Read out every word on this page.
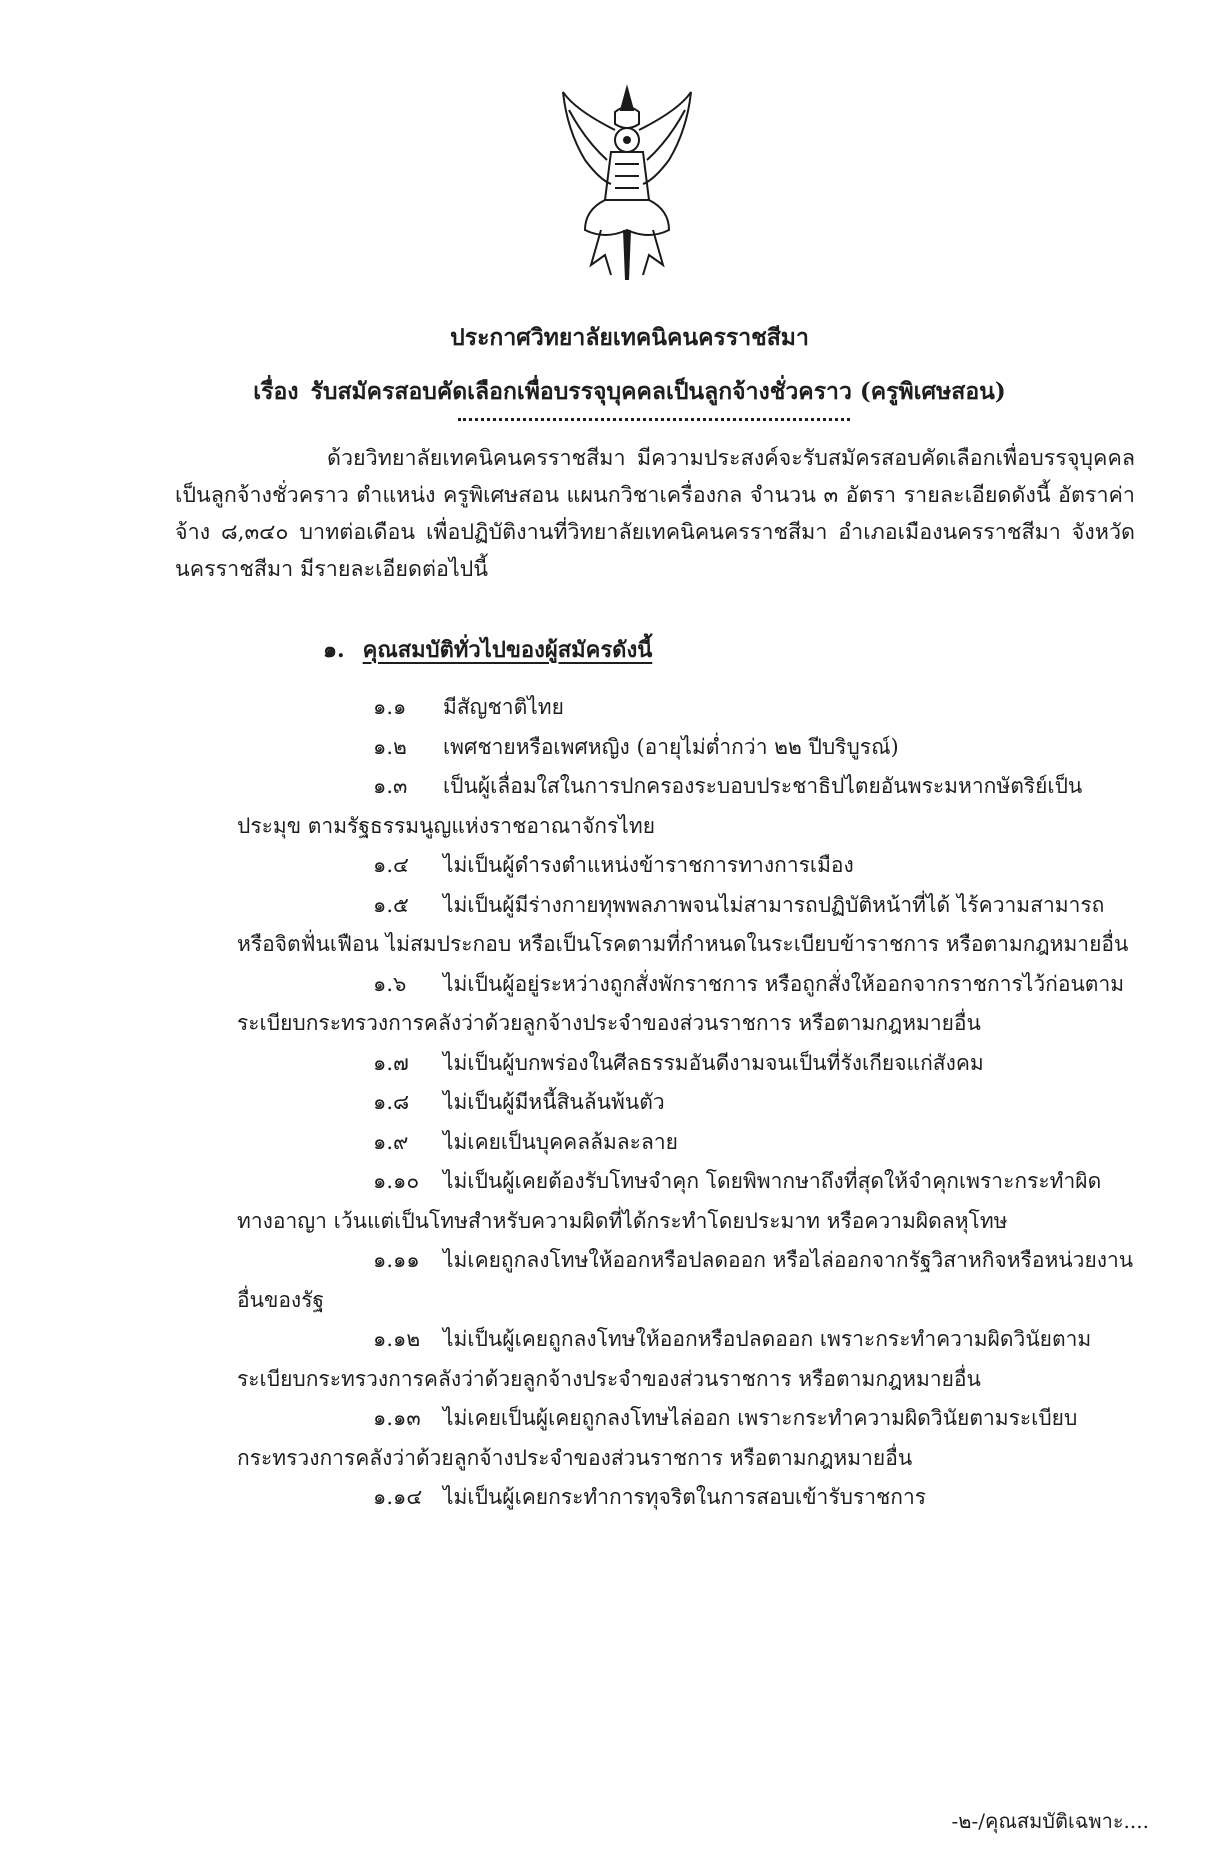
ประกาศวิทยาลัยเทคนิคนครราชสีมา

เรื่อง รับสมัครสอบคัดเลือกเพื่อบรรจุบุคคลเป็นลูกจ้างชั่วคราว (ครูพิเศษสอน)

ด้วยวิทยาลัยเทคนิคนครราชสีมา มีความประสงค์จะรับสมัครสอบคัดเลือกเพื่อบรรจุบุคคลเป็นลูกจ้างชั่วคราว ตำแหน่ง ครูพิเศษสอน แผนกวิชาเครื่องกล จำนวน ๓ อัตรา รายละเอียดดังนี้ อัตราค่าจ้าง ๘,๓๔๐ บาทต่อเดือน เพื่อปฏิบัติงานที่วิทยาลัยเทคนิคนครราชสีมา อำเภอเมืองนครราชสีมา จังหวัดนครราชสีมา มีรายละเอียดต่อไปนี้

๑. คุณสมบัติทั่วไปของผู้สมัครดังนี้

๑.๑ มีสัญชาติไทย

๑.๒ เพศชายหรือเพศหญิง (อายุไม่ต่ำกว่า ๒๒ ปีบริบูรณ์)

๑.๓ เป็นผู้เลื่อมใสในการปกครองระบอบประชาธิปไตยอันพระมหากษัตริย์เป็นประมุข ตามรัฐธรรมนูญแห่งราชอาณาจักรไทย

๑.๔ ไม่เป็นผู้ดำรงตำแหน่งข้าราชการทางการเมือง

๑.๕ ไม่เป็นผู้มีร่างกายทุพพลภาพจนไม่สามารถปฏิบัติหน้าที่ได้ ไร้ความสามารถหรือจิตฟั่นเฟือน ไม่สมประกอบ หรือเป็นโรคตามที่กำหนดในระเบียบข้าราชการ หรือตามกฎหมายอื่น

๑.๖ ไม่เป็นผู้อยู่ระหว่างถูกสั่งพักราชการ หรือถูกสั่งให้ออกจากราชการไว้ก่อนตามระเบียบกระทรวงการคลังว่าด้วยลูกจ้างประจำของส่วนราชการ หรือตามกฎหมายอื่น

๑.๗ ไม่เป็นผู้บกพร่องในศีลธรรมอันดีงามจนเป็นที่รังเกียจแก่สังคม

๑.๘ ไม่เป็นผู้มีหนี้สินล้นพ้นตัว

๑.๙ ไม่เคยเป็นบุคคลล้มละลาย

๑.๑๐ ไม่เป็นผู้เคยต้องรับโทษจำคุก โดยพิพากษาถึงที่สุดให้จำคุกเพราะกระทำผิดทางอาญา เว้นแต่เป็นโทษสำหรับความผิดที่ได้กระทำโดยประมาท หรือความผิดลหุโทษ

๑.๑๑ ไม่เคยถูกลงโทษให้ออกหรือปลดออก หรือไล่ออกจากรัฐวิสาหกิจหรือหน่วยงานอื่นของรัฐ

๑.๑๒ ไม่เป็นผู้เคยถูกลงโทษให้ออกหรือปลดออก เพราะกระทำความผิดวินัยตามระเบียบกระทรวงการคลังว่าด้วยลูกจ้างประจำของส่วนราชการ หรือตามกฎหมายอื่น

๑.๑๓ ไม่เคยเป็นผู้เคยถูกลงโทษไล่ออก เพราะกระทำความผิดวินัยตามระเบียบกระทรวงการคลังว่าด้วยลูกจ้างประจำของส่วนราชการ หรือตามกฎหมายอื่น

๑.๑๔ ไม่เป็นผู้เคยกระทำการทุจริตในการสอบเข้ารับราชการ

-๒-/คุณสมบัติเฉพาะ....
